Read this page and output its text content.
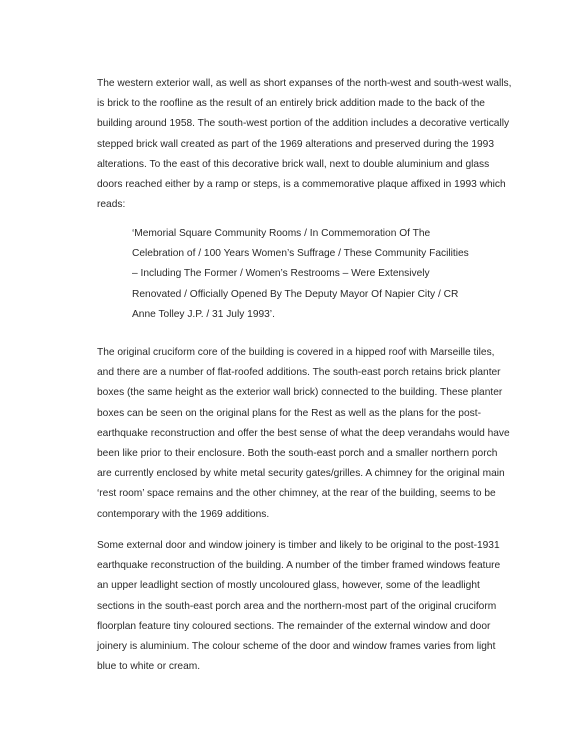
The western exterior wall, as well as short expanses of the north-west and south-west walls,
is brick to the roofline as the result of an entirely brick addition made to the back of the
building around 1958. The south-west portion of the addition includes a decorative vertically
stepped brick wall created as part of the 1969 alterations and preserved during the 1993
alterations. To the east of this decorative brick wall, next to double aluminium and glass
doors reached either by a ramp or steps, is a commemorative plaque affixed in 1993 which
reads:

‘Memorial Square Community Rooms / In Commemoration Of The
Celebration of / 100 Years Women’s Suffrage / These Community Facilities
– Including The Former / Women’s Restrooms – Were Extensively
Renovated / Officially Opened By The Deputy Mayor Of Napier City / CR
Anne Tolley J.P. / 31 July 1993’.

The original cruciform core of the building is covered in a hipped roof with Marseille tiles,
and there are a number of flat-roofed additions. The south-east porch retains brick planter
boxes (the same height as the exterior wall brick) connected to the building. These planter
boxes can be seen on the original plans for the Rest as well as the plans for the post-
earthquake reconstruction and offer the best sense of what the deep verandahs would have
been like prior to their enclosure. Both the south-east porch and a smaller northern porch
are currently enclosed by white metal security gates/grilles. A chimney for the original main
‘rest room’ space remains and the other chimney, at the rear of the building, seems to be
contemporary with the 1969 additions.

Some external door and window joinery is timber and likely to be original to the post-1931
earthquake reconstruction of the building. A number of the timber framed windows feature
an upper leadlight section of mostly uncoloured glass, however, some of the leadlight
sections in the south-east porch area and the northern-most part of the original cruciform
floorplan feature tiny coloured sections. The remainder of the external window and door
joinery is aluminium. The colour scheme of the door and window frames varies from light
blue to white or cream.
